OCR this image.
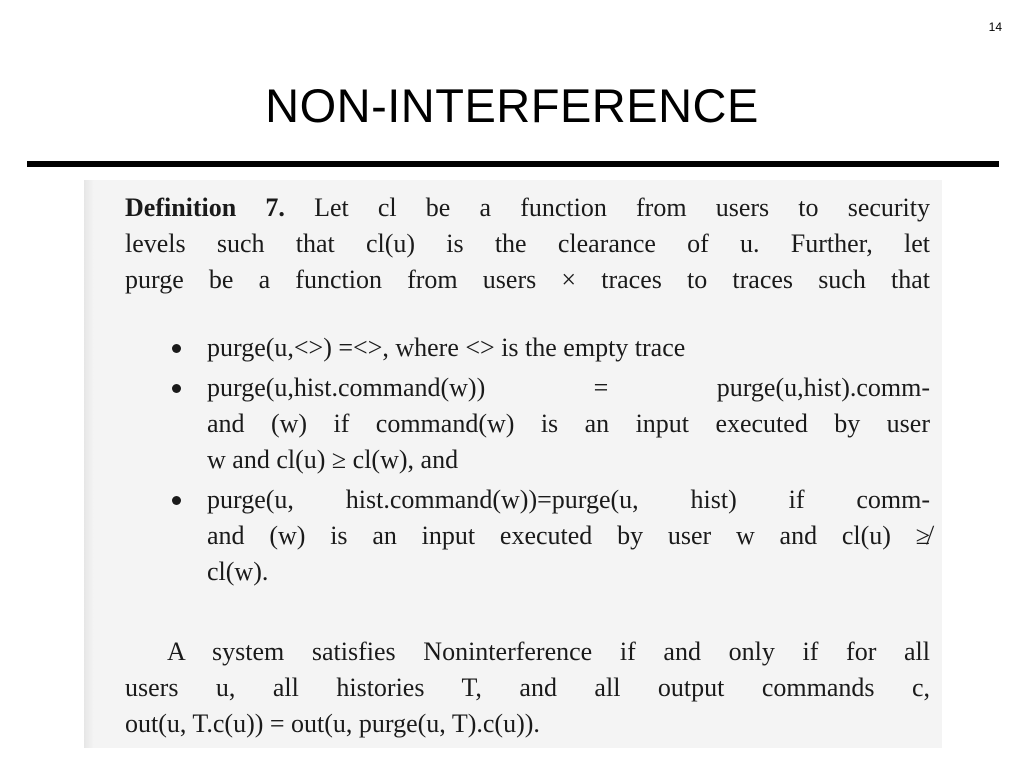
14
NON-INTERFERENCE
Definition 7. Let cl be a function from users to security
levels such that cl(u) is the clearance of u. Further, let
purge be a function from users × traces to traces such that
purge(u,<>) =<>, where <> is the empty trace
purge(u,hist.command(w)) = purge(u,hist).comm-
and (w) if command(w) is an input executed by user
w and cl(u) ≥ cl(w), and
purge(u, hist.command(w))=purge(u, hist) if comm-
and (w) is an input executed by user w and cl(u) ≱
cl(w).
A system satisfies Noninterference if and only if for all
users u, all histories T, and all output commands c,
out(u, T.c(u)) = out(u, purge(u, T).c(u)).
